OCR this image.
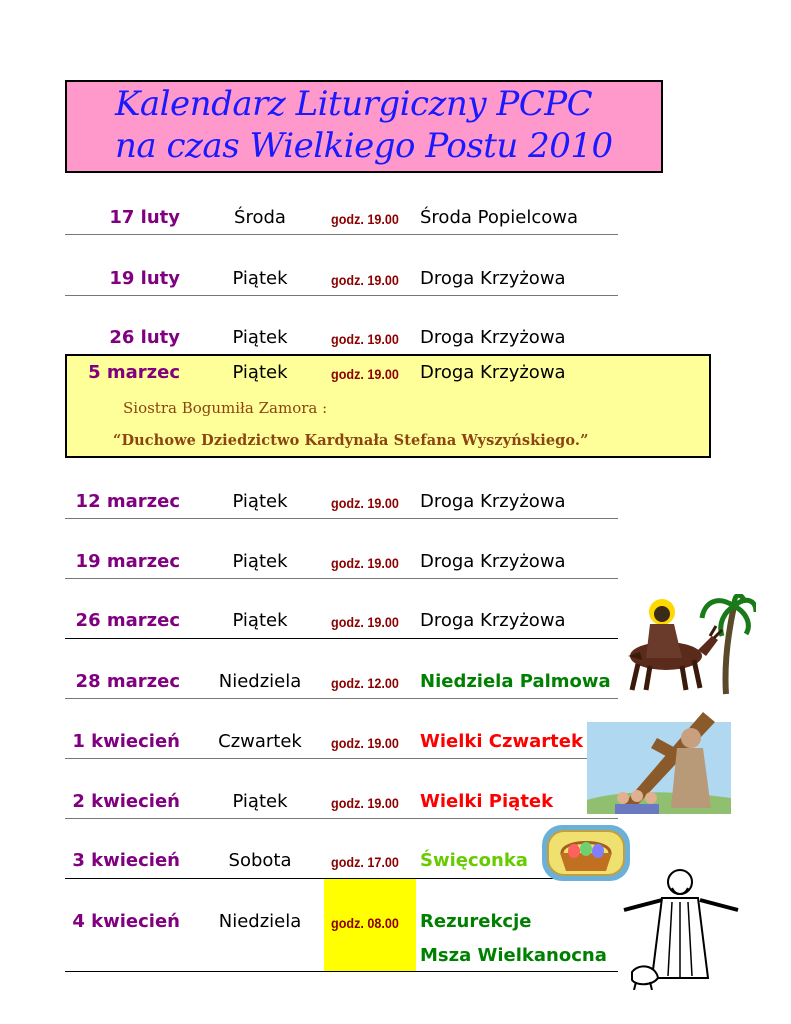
Kalendarz Liturgiczny PCPC
na czas Wielkiego Postu 2010
17 luty	Środa	godz. 19.00 Środa Popielcowa
19 luty	Piątek	godz. 19.00 Droga Krzyżowa
26 luty	Piątek	godz. 19.00 Droga Krzyżowa
5 marzec	Piątek	godz. 19.00 Droga Krzyżowa
Siostra Bogumiła Zamora :
“Duchowe Dziedzictwo Kardynała Stefana Wyszyńskiego.”
12 marzec	Piątek	godz. 19.00 Droga Krzyżowa
19 marzec	Piątek	godz. 19.00 Droga Krzyżowa
26 marzec	Piątek	godz. 19.00 Droga Krzyżowa
28 marzec	Niedziela	godz. 12.00 Niedziela Palmowa
1 kwiecień	Czwartek	godz. 19.00 Wielki Czwartek
2 kwiecień	Piątek	godz. 19.00 Wielki Piątek
3 kwiecień	Sobota	godz. 17.00 Święconka
4 kwiecień	Niedziela	godz. 08.00 Rezurekcje
Msza Wielkanocna
